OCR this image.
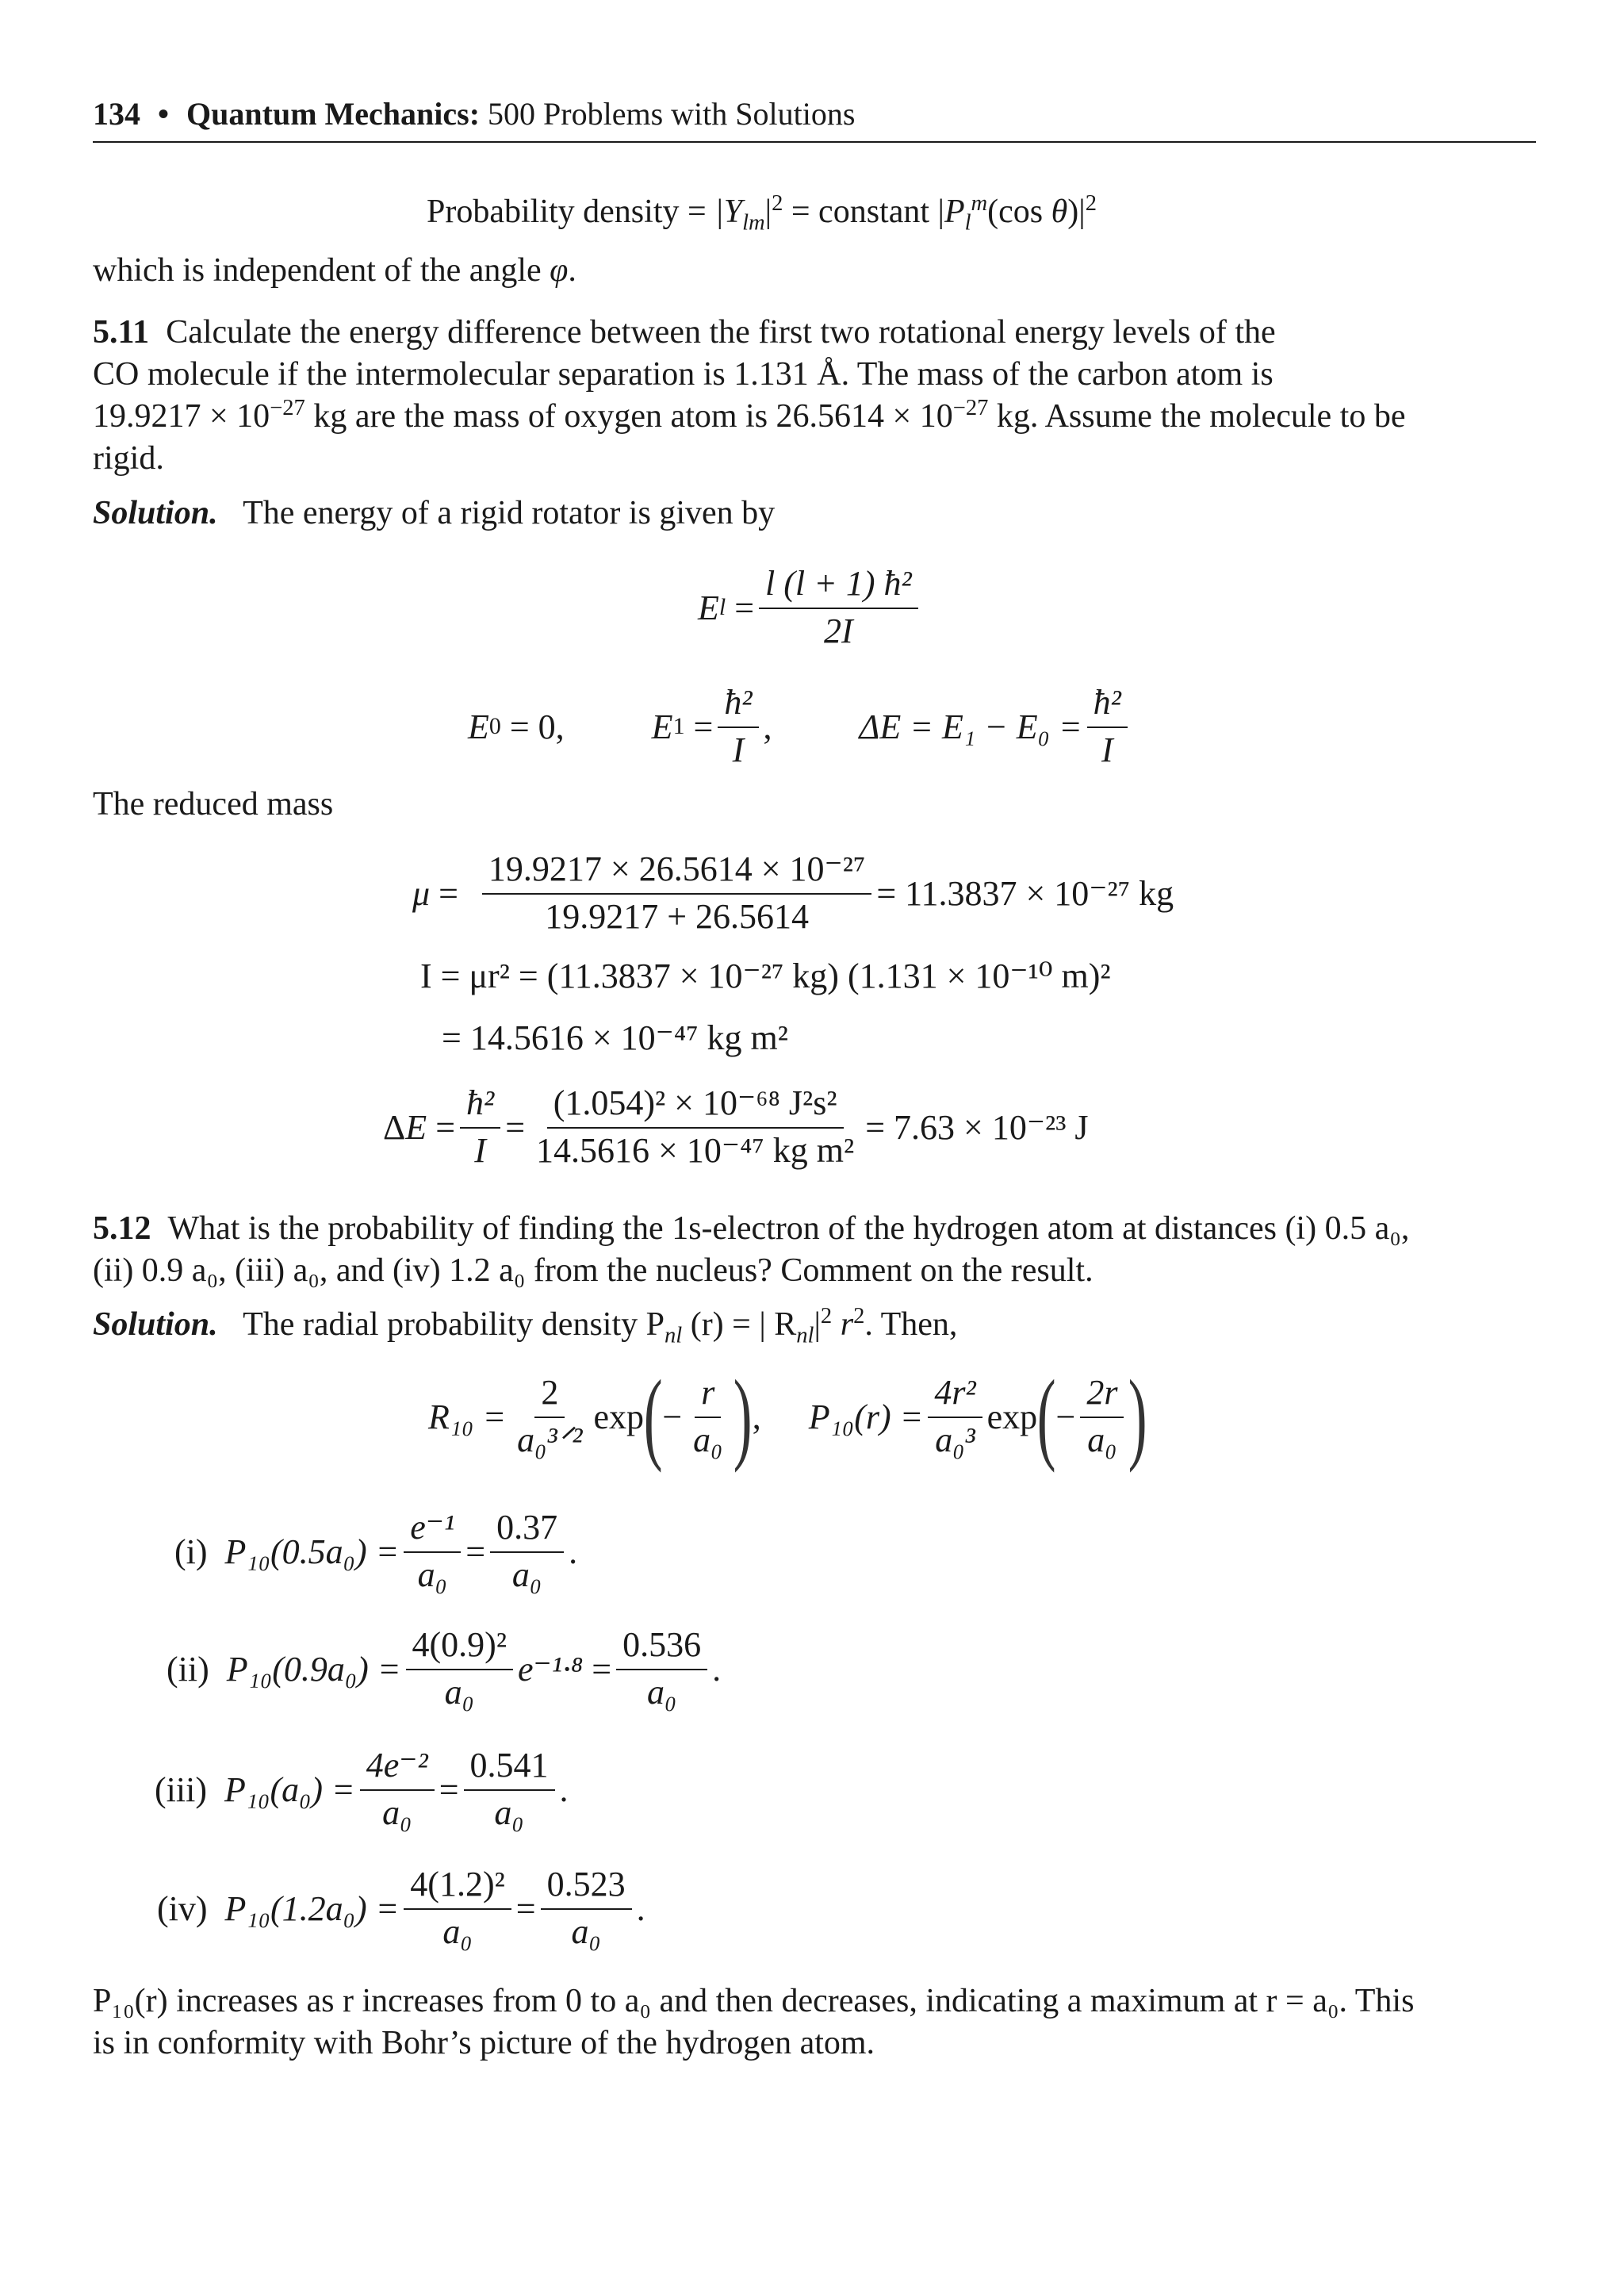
134 • Quantum Mechanics: 500 Problems with Solutions
Probability density = $|Y_{lm}|^2$ = constant $|P_l^m(\cos$ $\theta)|^2$
which is independent of the angle φ.
5.11 Calculate the energy difference between the first two rotational energy levels of the
CO molecule if the intermolecular separation is 1.131 Å. The mass of the carbon atom is
$19.9217 \times 10^{-27}$ kg are the mass of oxygen atom is $26.5614 \times 10^{-27}$ kg. Assume the molecule to be
rigid.
Solution. The energy of a rigid rotator is given by
E $l = \frac{\text{l (l + 1) ħ²}}{2I}$
E 0
= 0,	E $1 = \frac{\text{ħ²}}{I}$ ,	$\Delta E = E_1 - E_0 = \frac{\text{ħ²}}{I}$
The reduced mass
$\mu = \frac{\text{19.9217 × 26.5614 × 10⁻²⁷}}{19.9217 + 26.5614} = 11.3837 \times 10^{-27}$ kg
I = μr² = (11.3837 × 10⁻²⁷ kg) (1.131 × 10⁻¹⁰ m)²
= 14.5616 × 10⁻⁴⁷ kg m²
Δ $E = \frac{\text{ħ²}}{I} = \frac{\text{(1.054)² × 10⁻⁶⁸ J²s²}}{\text{14.5616 × 10⁻⁴⁷ kg m²}} = 7.63 \times 10^{-23}$ J
5.12 What is the probability of finding the 1s-electron of the hydrogen atom at distances (i) 0.5 a₀,
(ii) 0.9 a₀, (iii) a₀, and (iv) 1.2 a₀ from the nucleus? Comment on the result.
Solution. The radial probability density $P_{nl}$ (r) = | $R_{nl}|^2$ $r^2$. Then,
$R_{10} = \frac{2}{\text{a₀³ᐟ²}}$ exp ( − $\frac{r}{\text{a₀}}$ ) , $P_{10}(r) = \frac{\text{4r²}}{\text{a₀³}}$ exp ( − $\frac{2r}{\text{a₀}}$ )
(i)
$P_{10}(0.5a_0) = \frac{\text{e⁻¹}}{\text{a₀}} = \frac{0.37}{\text{a₀}}$ .
(ii)
$P_{10}(0.9a_0) = \frac{\text{4(0.9)²}}{\text{a₀}} e^{-1}\cdot^8 = \frac{0.536}{\text{a₀}}$ .
(iii)
$P_{10}(a_0) = \frac{\text{4e⁻²}}{\text{a₀}} = \frac{0.541}{\text{a₀}}$ .
(iv)
$P_{10}(1.2a_0) = \frac{\text{4(1.2)²}}{\text{a₀}} = \frac{0.523}{\text{a₀}}$ .
P₁₀(r) increases as r increases from 0 to a₀ and then decreases, indicating a maximum at r = a₀. This
is in conformity with Bohr’s picture of the hydrogen atom.
